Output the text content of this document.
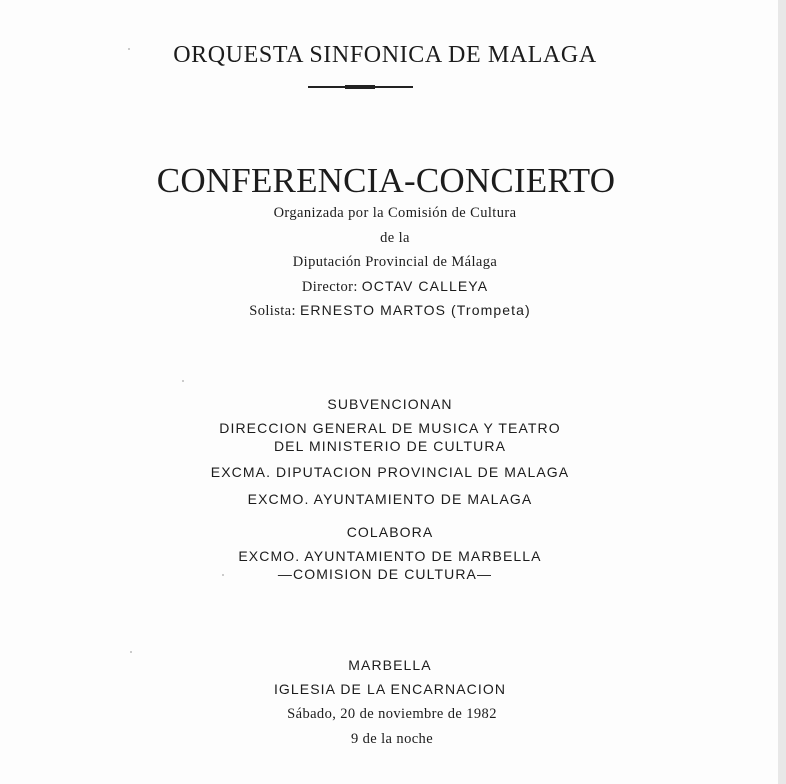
ORQUESTA SINFONICA DE MALAGA
CONFERENCIA-CONCIERTO
Organizada por la Comisión de Cultura
de la
Diputación Provincial de Málaga
Director: OCTAV CALLEYA
Solista: ERNESTO MARTOS (Trompeta)
SUBVENCIONAN
DIRECCION GENERAL DE MUSICA Y TEATRO
DEL MINISTERIO DE CULTURA
EXCMA. DIPUTACION PROVINCIAL DE MALAGA
EXCMO. AYUNTAMIENTO DE MALAGA
COLABORA
EXCMO. AYUNTAMIENTO DE MARBELLA
—COMISION DE CULTURA—
MARBELLA
IGLESIA DE LA ENCARNACION
Sábado, 20 de noviembre de 1982
9 de la noche
